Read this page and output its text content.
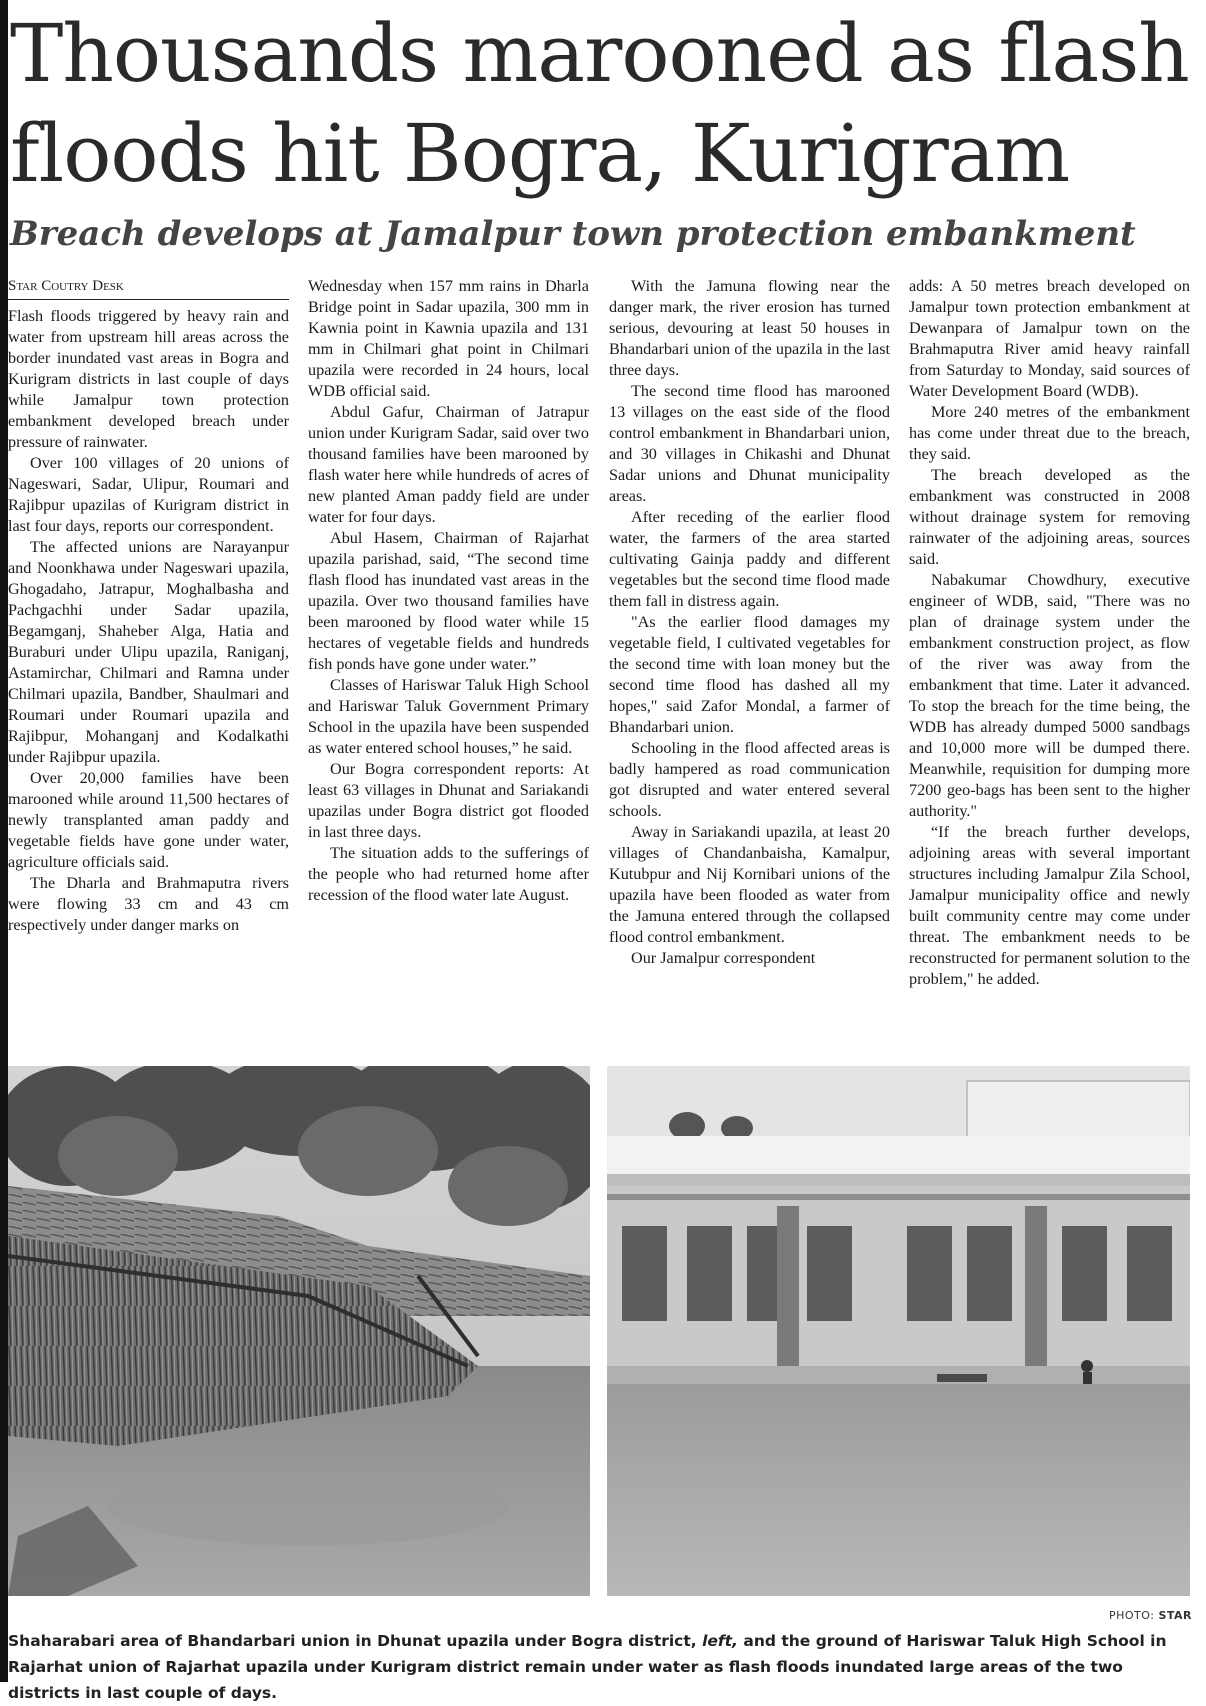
Thousands marooned as flash
floods hit Bogra, Kurigram
Breach develops at Jamalpur town protection embankment
Star Coutry Desk

Flash floods triggered by heavy rain and water from upstream hill areas across the border inundated vast areas in Bogra and Kurigram districts in last couple of days while Jamalpur town protection embankment developed breach under pressure of rainwater.

Over 100 villages of 20 unions of Nageswari, Sadar, Ulipur, Roumari and Rajibpur upazilas of Kurigram district in last four days, reports our correspondent.

The affected unions are Narayanpur and Noonkhawa under Nageswari upazila, Ghogadaho, Jatrapur, Moghalbasha and Pachgachhi under Sadar upazila, Begamganj, Shaheber Alga, Hatia and Buraburi under Ulipu upazila, Raniganj, Astamirchar, Chilmari and Ramna under Chilmari upazila, Bandber, Shaulmari and Roumari under Roumari upazila and Rajibpur, Mohanganj and Kodalkathi under Rajibpur upazila.

Over 20,000 families have been marooned while around 11,500 hectares of newly transplanted aman paddy and vegetable fields have gone under water, agriculture officials said.

The Dharla and Brahmaputra rivers were flowing 33 cm and 43 cm respectively under danger marks on

Wednesday when 157 mm rains in Dharla Bridge point in Sadar upazila, 300 mm in Kawnia point in Kawnia upazila and 131 mm in Chilmari ghat point in Chilmari upazila were recorded in 24 hours, local WDB official said.

Abdul Gafur, Chairman of Jatrapur union under Kurigram Sadar, said over two thousand families have been marooned by flash water here while hundreds of acres of new planted Aman paddy field are under water for four days.

Abul Hasem, Chairman of Rajarhat upazila parishad, said, “The second time flash flood has inundated vast areas in the upazila. Over two thousand families have been marooned by flood water while 15 hectares of vegetable fields and hundreds fish ponds have gone under water.”

Classes of Hariswar Taluk High School and Hariswar Taluk Government Primary School in the upazila have been suspended as water entered school houses,” he said.

Our Bogra correspondent reports: At least 63 villages in Dhunat and Sariakandi upazilas under Bogra district got flooded in last three days.

The situation adds to the sufferings of the people who had returned home after recession of the flood water late August.

With the Jamuna flowing near the danger mark, the river erosion has turned serious, devouring at least 50 houses in Bhandarbari union of the upazila in the last three days.

The second time flood has marooned 13 villages on the east side of the flood control embankment in Bhandarbari union, and 30 villages in Chikashi and Dhunat Sadar unions and Dhunat municipality areas.

After receding of the earlier flood water, the farmers of the area started cultivating Gainja paddy and different vegetables but the second time flood made them fall in distress again.

"As the earlier flood damages my vegetable field, I cultivated vegetables for the second time with loan money but the second time flood has dashed all my hopes," said Zafor Mondal, a farmer of Bhandarbari union.

Schooling in the flood affected areas is badly hampered as road communication got disrupted and water entered several schools.

Away in Sariakandi upazila, at least 20 villages of Chandanbaisha, Kamalpur, Kutubpur and Nij Kornibari unions of the upazila have been flooded as water from the Jamuna entered through the collapsed flood control embankment.

Our Jamalpur correspondent

adds: A 50 metres breach developed on Jamalpur town protection embankment at Dewanpara of Jamalpur town on the Brahmaputra River amid heavy rainfall from Saturday to Monday, said sources of Water Development Board (WDB).

More 240 metres of the embankment has come under threat due to the breach, they said.

The breach developed as the embankment was constructed in 2008 without drainage system for removing rainwater of the adjoining areas, sources said.

Nabakumar Chowdhury, executive engineer of WDB, said, "There was no plan of drainage system under the embankment construction project, as flow of the river was away from the embankment that time. Later it advanced. To stop the breach for the time being, the WDB has already dumped 5000 sandbags and 10,000 more will be dumped there. Meanwhile, requisition for dumping more 7200 geo-bags has been sent to the higher authority."

“If the breach further develops, adjoining areas with several important structures including Jamalpur Zila School, Jamalpur municipality office and newly built community centre may come under threat. The embankment needs to be reconstructed for permanent solution to the problem," he added.

PHOTO: STAR

Shaharabari area of Bhandarbari union in Dhunat upazila under Bogra district, left, and the ground of Hariswar Taluk High School in Rajarhat union of Rajarhat upazila under Kurigram district remain under water as flash floods inundated large areas of the two districts in last couple of days.
